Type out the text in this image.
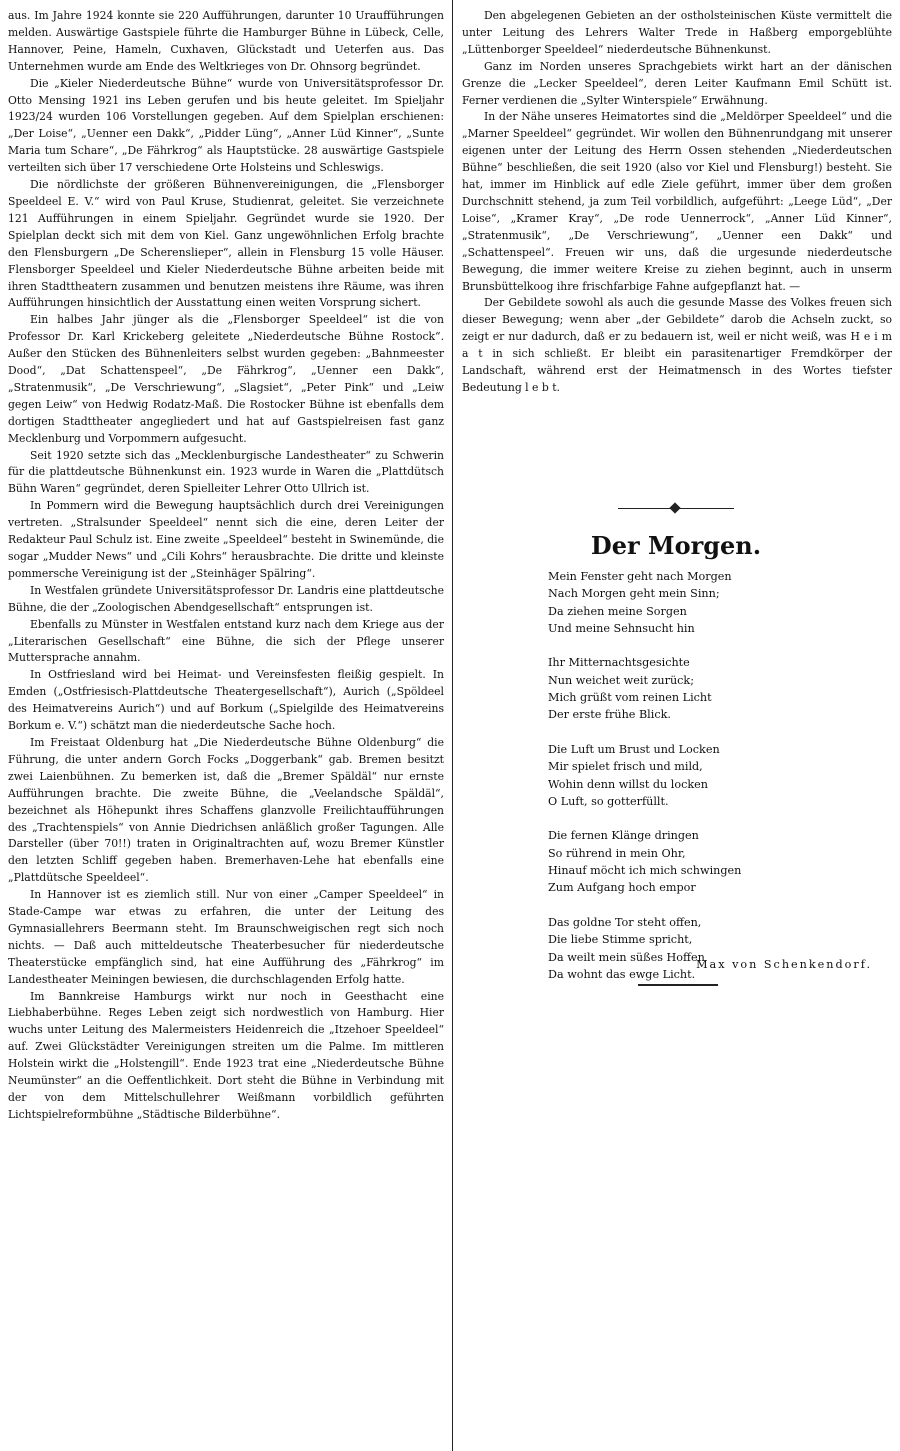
aus. Im Jahre 1924 konnte sie 220 Aufführungen, darunter 10 Uraufführungen melden. Auswärtige Gastspiele führte die Hamburger Bühne in Lübeck, Celle, Hannover, Peine, Hameln, Cuxhaven, Glückstadt und Ueterfen aus. Das Unternehmen wurde am Ende des Weltkrieges von Dr. Ohnsorg begründet.

Die „Kieler Niederdeutsche Bühne“ wurde von Universitätsprofessor Dr. Otto Mensing 1921 ins Leben gerufen und bis heute geleitet. Im Spieljahr 1923/24 wurden 106 Vorstellungen gegeben. Auf dem Spielplan erschienen: „Der Loise“, „Uenner een Dakk“, „Pidder Lüng“, „Anner Lüd Kinner“, „Sunte Maria tum Schare“, „De Fährkrog“ als Hauptstücke. 28 auswärtige Gastspiele verteilten sich über 17 verschiedene Orte Holsteins und Schleswigs.

Die nördlichste der größeren Bühnenvereinigungen, die „Flensborger Speeldeel E. V.“ wird von Paul Kruse, Studienrat, geleitet. Sie verzeichnete 121 Aufführungen in einem Spieljahr. Gegründet wurde sie 1920. Der Spielplan deckt sich mit dem von Kiel. Ganz ungewöhnlichen Erfolg brachte den Flensburgern „De Scherenslieper“, allein in Flensburg 15 volle Häuser. Flensborger Speeldeel und Kieler Niederdeutsche Bühne arbeiten beide mit ihren Stadttheatern zusammen und benutzen meistens ihre Räume, was ihren Aufführungen hinsichtlich der Ausstattung einen weiten Vorsprung sichert.

Ein halbes Jahr jünger als die „Flensborger Speeldeel“ ist die von Professor Dr. Karl Krickeberg geleitete „Niederdeutsche Bühne Rostock“. Außer den Stücken des Bühnenleiters selbst wurden gegeben: „Bahnmeester Dood“, „Dat Schattenspeel“, „De Fährkrog“, „Uenner een Dakk“, „Stratenmusik“, „De Verschriewung“, „Slagsiet“, „Peter Pink“ und „Leiw gegen Leiw“ von Hedwig Rodatz-Maß. Die Rostocker Bühne ist ebenfalls dem dortigen Stadttheater angegliedert und hat auf Gastspielreisen fast ganz Mecklenburg und Vorpommern aufgesucht.

Seit 1920 setzte sich das „Mecklenburgische Landestheater“ zu Schwerin für die plattdeutsche Bühnenkunst ein. 1923 wurde in Waren die „Plattdütsch Bühn Waren“ gegründet, deren Spielleiter Lehrer Otto Ullrich ist.

In Pommern wird die Bewegung hauptsächlich durch drei Vereinigungen vertreten. „Stralsunder Speeldeel“ nennt sich die eine, deren Leiter der Redakteur Paul Schulz ist. Eine zweite „Speeldeel“ besteht in Swinemünde, die sogar „Mudder News“ und „Cili Kohrs“ herausbrachte. Die dritte und kleinste pommersche Vereinigung ist der „Steinhäger Spälring“.

In Westfalen gründete Universitätsprofessor Dr. Landris eine plattdeutsche Bühne, die der „Zoologischen Abendgesellschaft“ entsprungen ist.

Ebenfalls zu Münster in Westfalen entstand kurz nach dem Kriege aus der „Literarischen Gesellschaft“ eine Bühne, die sich der Pflege unserer Muttersprache annahm.

In Ostfriesland wird bei Heimat- und Vereinsfesten fleißig gespielt. In Emden („Ostfriesisch-Plattdeutsche Theatergesellschaft“), Aurich („Spöldeel des Heimatvereins Aurich“) und auf Borkum („Spielgilde des Heimatvereins Borkum e. V.“) schätzt man die niederdeutsche Sache hoch.

Im Freistaat Oldenburg hat „Die Niederdeutsche Bühne Oldenburg“ die Führung, die unter andern Gorch Focks „Doggerbank“ gab. Bremen besitzt zwei Laienbühnen. Zu bemerken ist, daß die „Bremer Späldäl“ nur ernste Aufführungen brachte. Die zweite Bühne, die „Veelandsche Späldäl“, bezeichnet als Höhepunkt ihres Schaffens glanzvolle Freilichtaufführungen des „Trachtenspiels“ von Annie Diedrichsen anläßlich großer Tagungen. Alle Darsteller (über 70!!) traten in Originaltrachten auf, wozu Bremer Künstler den letzten Schliff gegeben haben. Bremerhaven-Lehe hat ebenfalls eine „Plattdütsche Speeldeel“.

In Hannover ist es ziemlich still. Nur von einer „Camper Speeldeel“ in Stade-Campe war etwas zu erfahren, die unter der Leitung des Gymnasiallehrers Beermann steht. Im Braunschweigischen regt sich noch nichts. — Daß auch mitteldeutsche Theaterbesucher für niederdeutsche Theaterstücke empfänglich sind, hat eine Aufführung des „Fährkrog“ im Landestheater Meiningen bewiesen, die durchschlagenden Erfolg hatte.

Im Bannkreise Hamburgs wirkt nur noch in Geesthacht eine Liebhaberbühne. Reges Leben zeigt sich nordwestlich von Hamburg. Hier wuchs unter Leitung des Malermeisters Heidenreich die „Itzehoer Speeldeel“ auf. Zwei Glückstädter Vereinigungen streiten um die Palme. Im mittleren Holstein wirkt die „Holstengill“. Ende 1923 trat eine „Niederdeutsche Bühne Neumünster“ an die Oeffentlichkeit. Dort steht die Bühne in Verbindung mit der von dem Mittelschullehrer Weißmann vorbildlich geführten Lichtspielreformbühne „Städtische Bilderbühne“.

Den abgelegenen Gebieten an der ostholsteinischen Küste vermittelt die unter Leitung des Lehrers Walter Trede in Haßberg emporgeblühte „Lüttenborger Speeldeel“ niederdeutsche Bühnenkunst.

Ganz im Norden unseres Sprachgebiets wirkt hart an der dänischen Grenze die „Lecker Speeldeel“, deren Leiter Kaufmann Emil Schütt ist. Ferner verdienen die „Sylter Winterspiele“ Erwähnung.

In der Nähe unseres Heimatortes sind die „Meldörper Speeldeel“ und die „Marner Speeldeel“ gegründet. Wir wollen den Bühnenrundgang mit unserer eigenen unter der Leitung des Herrn Ossen stehenden „Niederdeutschen Bühne“ beschließen, die seit 1920 (also vor Kiel und Flensburg!) besteht. Sie hat, immer im Hinblick auf edle Ziele geführt, immer über dem großen Durchschnitt stehend, ja zum Teil vorbildlich, aufgeführt: „Leege Lüd“, „Der Loise“, „Kramer Kray“, „De rode Uennerrock“, „Anner Lüd Kinner“, „Stratenmusik“, „De Verschriewung“, „Uenner een Dakk“ und „Schattenspeel“. Freuen wir uns, daß die urgesunde niederdeutsche Bewegung, die immer weitere Kreise zu ziehen beginnt, auch in unserm Brunsbüttelkoog ihre frischfarbige Fahne aufgepflanzt hat. —

Der Gebildete sowohl als auch die gesunde Masse des Volkes freuen sich dieser Bewegung; wenn aber „der Gebildete“ darob die Achseln zuckt, so zeigt er nur dadurch, daß er zu bedauern ist, weil er nicht weiß, was H e i m a t in sich schließt. Er bleibt ein parasitenartiger Fremdkörper der Landschaft, während erst der Heimatmensch in des Wortes tiefster Bedeutung l e b t.

Der Morgen.
Mein Fenster geht nach Morgen
Nach Morgen geht mein Sinn;
Da ziehen meine Sorgen
Und meine Sehnsucht hin
Ihr Mitternachtsgesichte
Nun weichet weit zurück;
Mich grüßt vom reinen Licht
Der erste frühe Blick.
Die Luft um Brust und Locken
Mir spielet frisch und mild,
Wohin denn willst du locken
O Luft, so gotterfüllt.
Die fernen Klänge dringen
So rührend in mein Ohr,
Hinauf möcht ich mich schwingen
Zum Aufgang hoch empor
Das goldne Tor steht offen,
Die liebe Stimme spricht,
Da weilt mein süßes Hoffen
Da wohnt das ewge Licht.
Max von Schenkendorf.
